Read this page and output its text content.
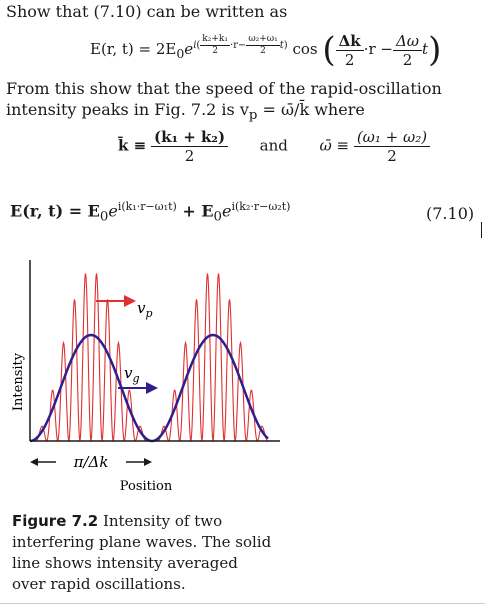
Show that (7.10) can be written as
E(r, $t) = 2E_0e^{i( \frac{\text{k₂+k₁}}{2} \cdot r- \frac{\text{ω₂+ω₁}}{2} t)}$ cos ( $\frac{\Delta k}{2} \cdot r - \frac{\Delta\omega}{2} t$)
From this show that the speed of the rapid-oscillation intensity peaks in Fig. 7.2 is $v_p$ = ω̄/k̄ where
k̄ ≡ $\frac{\text{(k₁ + k₂)}}{2}$ and ω̄ ≡ $\frac{\text{(ω₁ + ω₂)}}{2}$
E(r, $t) = E_0e^{i(k_1\cdot r-\omega_1t)} + E_0e^{i(k_2\cdot r-\omega_2t)}$	(7.10)
Intensity
$v_p$
$v_g$
π/Δk
Position
Figure 7.2 Intensity of two interfering plane waves. The solid line shows intensity averaged over rapid oscillations.
